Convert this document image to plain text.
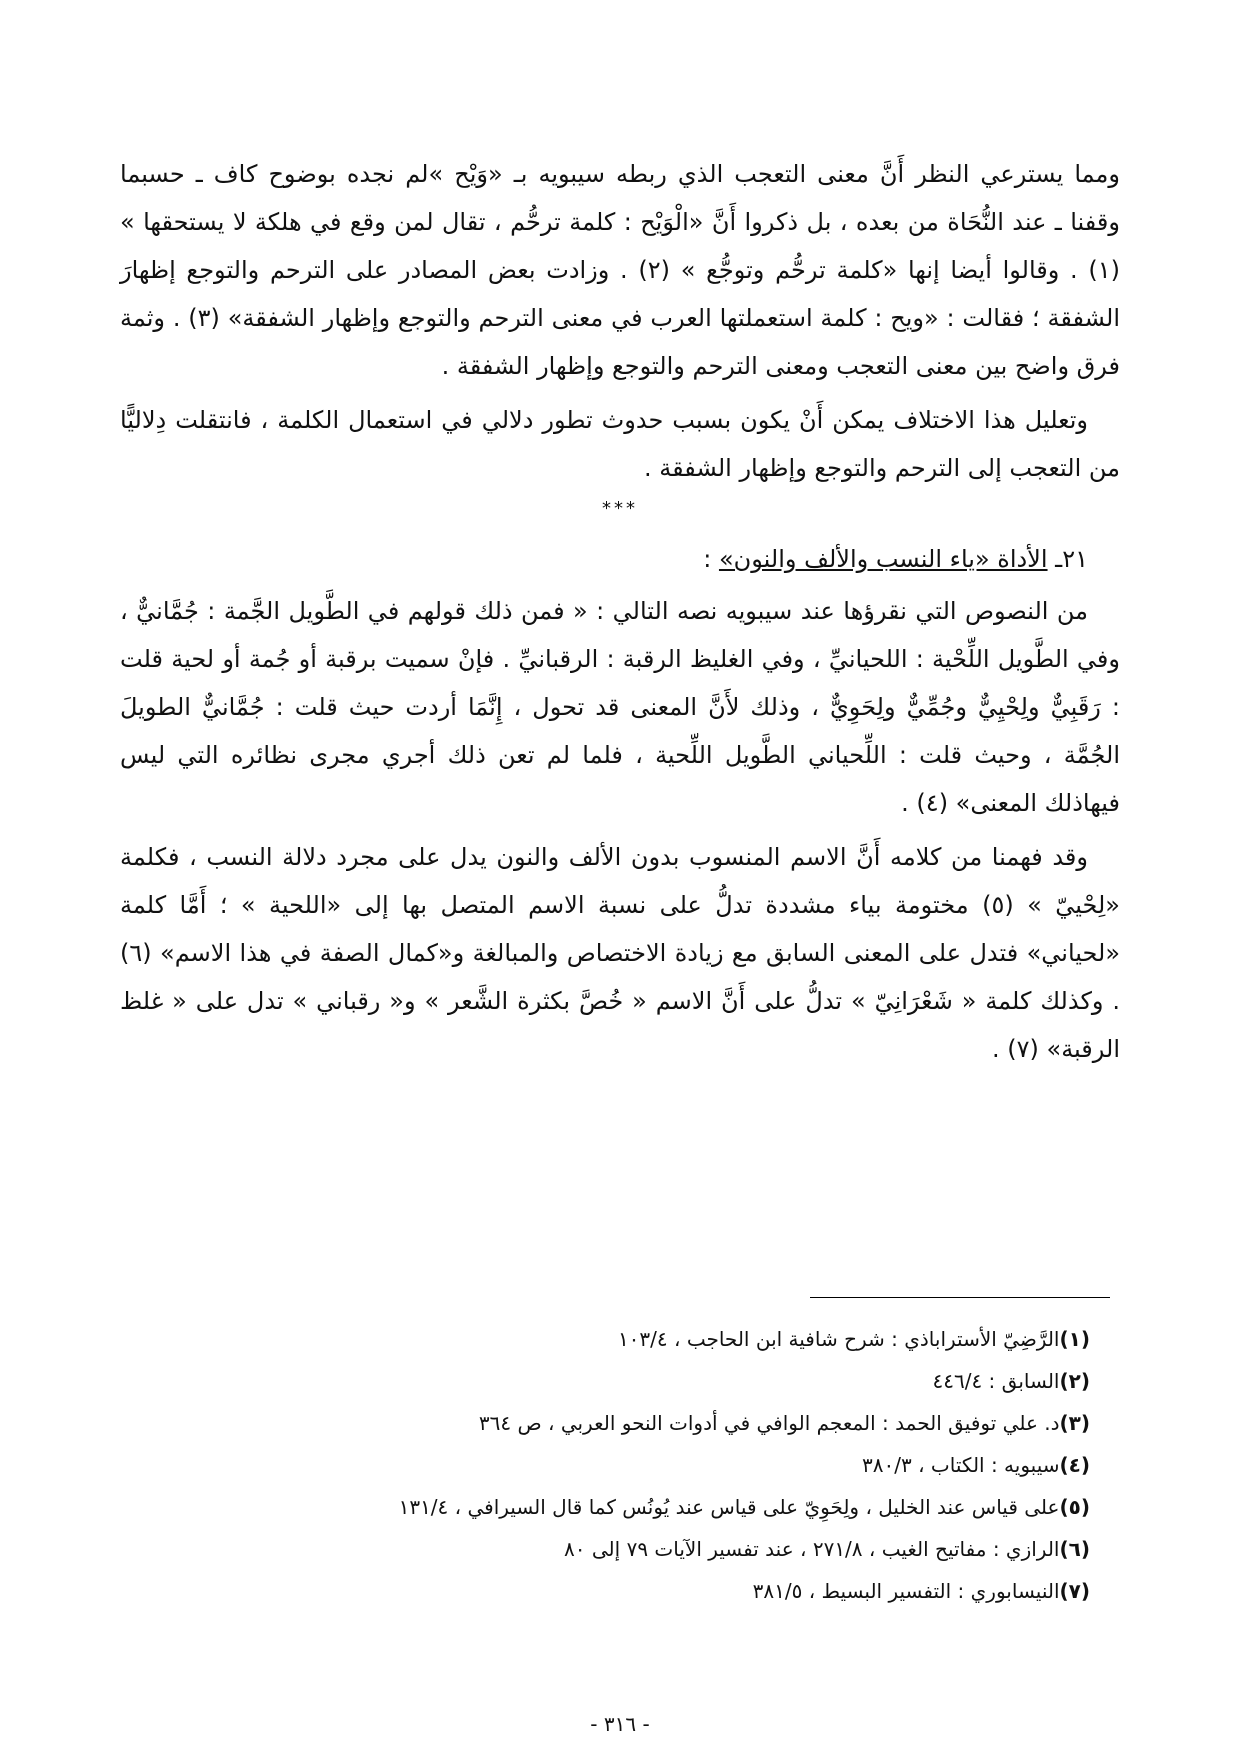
ومما يسترعي النظر أَنَّ معنى التعجب الذي ربطه سيبويه بـ «وَيْح »لم نجده بوضوح كاف ـ حسبما وقفنا ـ عند النُّحَاة من بعده ، بل ذكروا أَنَّ «الْوَيْح : كلمة ترحُّم ، تقال لمن وقع في هلكة لا يستحقها » (١) . وقالوا أيضا إنها «كلمة ترحُّم وتوجُّع » (٢) . وزادت بعض المصادر على الترحم والتوجع إظهارَ الشفقة ؛ فقالت : «ويح : كلمة استعملتها العرب في معنى الترحم والتوجع وإظهار الشفقة» (٣) . وثمة فرق واضح بين معنى التعجب ومعنى الترحم والتوجع وإظهار الشفقة .

وتعليل هذا الاختلاف يمكن أَنْ يكون بسبب حدوث تطور دلالي في استعمال الكلمة ، فانتقلت دِلاليًّا من التعجب إلى الترحم والتوجع وإظهار الشفقة .

***
٢١ـ الأداة «ياء النسب والألف والنون» :

من النصوص التي نقرؤها عند سيبويه نصه التالي : « فمن ذلك قولهم في الطَّويل الجَّمة : جُمَّانيٌّ ، وفي الطَّويل اللِّحْية : اللحيانيِّ ، وفي الغليظ الرقبة : الرقبانيِّ . فإنْ سميت برقبة أو جُمة أو لحية قلت : رَقَبِيٌّ ولِحْيِيٌّ وجُمِّيٌّ ولِحَوِيٌّ ، وذلك لأَنَّ المعنى قد تحول ، إِنَّمَا أردت حيث قلت : جُمَّانيٌّ الطويلَ الجُمَّة ، وحيث قلت : اللِّحياني الطَّويل اللِّحية ، فلما لم تعن ذلك أجري مجرى نظائره التي ليس فيهاذلك المعنى» (٤) .

وقد فهمنا من كلامه أَنَّ الاسم المنسوب بدون الألف والنون يدل على مجرد دلالة النسب ، فكلمة «لِحْييّ » (٥) مختومة بياء مشددة تدلُّ على نسبة الاسم المتصل بها إلى «اللحية » ؛ أَمَّا كلمة «لحياني» فتدل على المعنى السابق مع زيادة الاختصاص والمبالغة و«كمال الصفة في هذا الاسم» (٦) . وكذلك كلمة « شَعْرَانِيّ » تدلُّ على أَنَّ الاسم « خُصَّ بكثرة الشَّعر » و« رقباني » تدل على « غلظ الرقبة» (٧) .

(١)الرَّضِيّ الأستراباذي : شرح شافية ابن الحاجب ، ١٠٣/٤

(٢)السابق : ٤٤٦/٤

(٣)د. علي توفيق الحمد : المعجم الوافي في أدوات النحو العربي ، ص ٣٦٤

(٤)سيبويه : الكتاب ، ٣٨٠/٣

(٥)على قياس عند الخليل ، ولِحَوِيّ على قياس عند يُونُس كما قال السيرافي ، ١٣١/٤

(٦)الرازي : مفاتيح الغيب ، ٢٧١/٨ ، عند تفسير الآيات ٧٩ إلى ٨٠

(٧)النيسابوري : التفسير البسيط ، ٣٨١/٥

- ٣١٦ -
